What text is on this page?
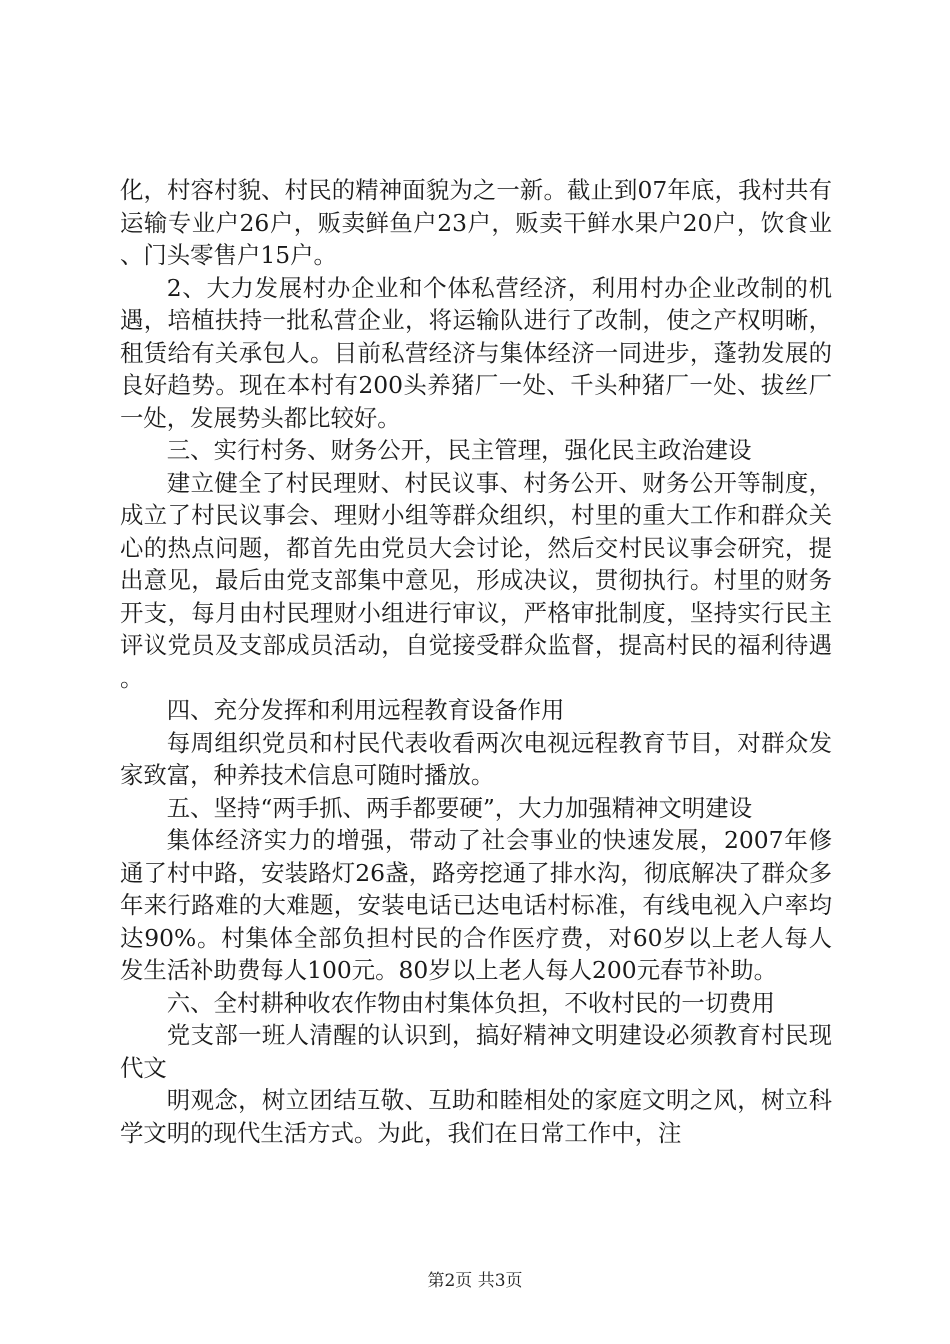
化，村容村貌、村民的精神面貌为之一新。截止到07年底，我村共有运输专业户26户，贩卖鲜鱼户23户，贩卖干鲜水果户20户，饮食业、门头零售户15户。

2、大力发展村办企业和个体私营经济，利用村办企业改制的机遇，培植扶持一批私营企业，将运输队进行了改制，使之产权明晰，租赁给有关承包人。目前私营经济与集体经济一同进步，蓬勃发展的良好趋势。现在本村有200头养猪厂一处、千头种猪厂一处、拔丝厂一处，发展势头都比较好。

三、实行村务、财务公开，民主管理，强化民主政治建设

建立健全了村民理财、村民议事、村务公开、财务公开等制度，成立了村民议事会、理财小组等群众组织，村里的重大工作和群众关心的热点问题，都首先由党员大会讨论，然后交村民议事会研究，提出意见，最后由党支部集中意见，形成决议，贯彻执行。村里的财务开支，每月由村民理财小组进行审议，严格审批制度，坚持实行民主评议党员及支部成员活动，自觉接受群众监督，提高村民的福利待遇。

四、充分发挥和利用远程教育设备作用

每周组织党员和村民代表收看两次电视远程教育节目，对群众发家致富，种养技术信息可随时播放。

五、坚持“两手抓、两手都要硬”，大力加强精神文明建设

集体经济实力的增强，带动了社会事业的快速发展，2007年修通了村中路，安装路灯26盏，路旁挖通了排水沟，彻底解决了群众多年来行路难的大难题，安装电话已达电话村标准，有线电视入户率均达90%。村集体全部负担村民的合作医疗费，对60岁以上老人每人发生活补助费每人100元。80岁以上老人每人200元春节补助。

六、全村耕种收农作物由村集体负担，不收村民的一切费用

党支部一班人清醒的认识到，搞好精神文明建设必须教育村民现代文

明观念，树立团结互敬、互助和睦相处的家庭文明之风，树立科学文明的现代生活方式。为此，我们在日常工作中，注

第2页 共3页
